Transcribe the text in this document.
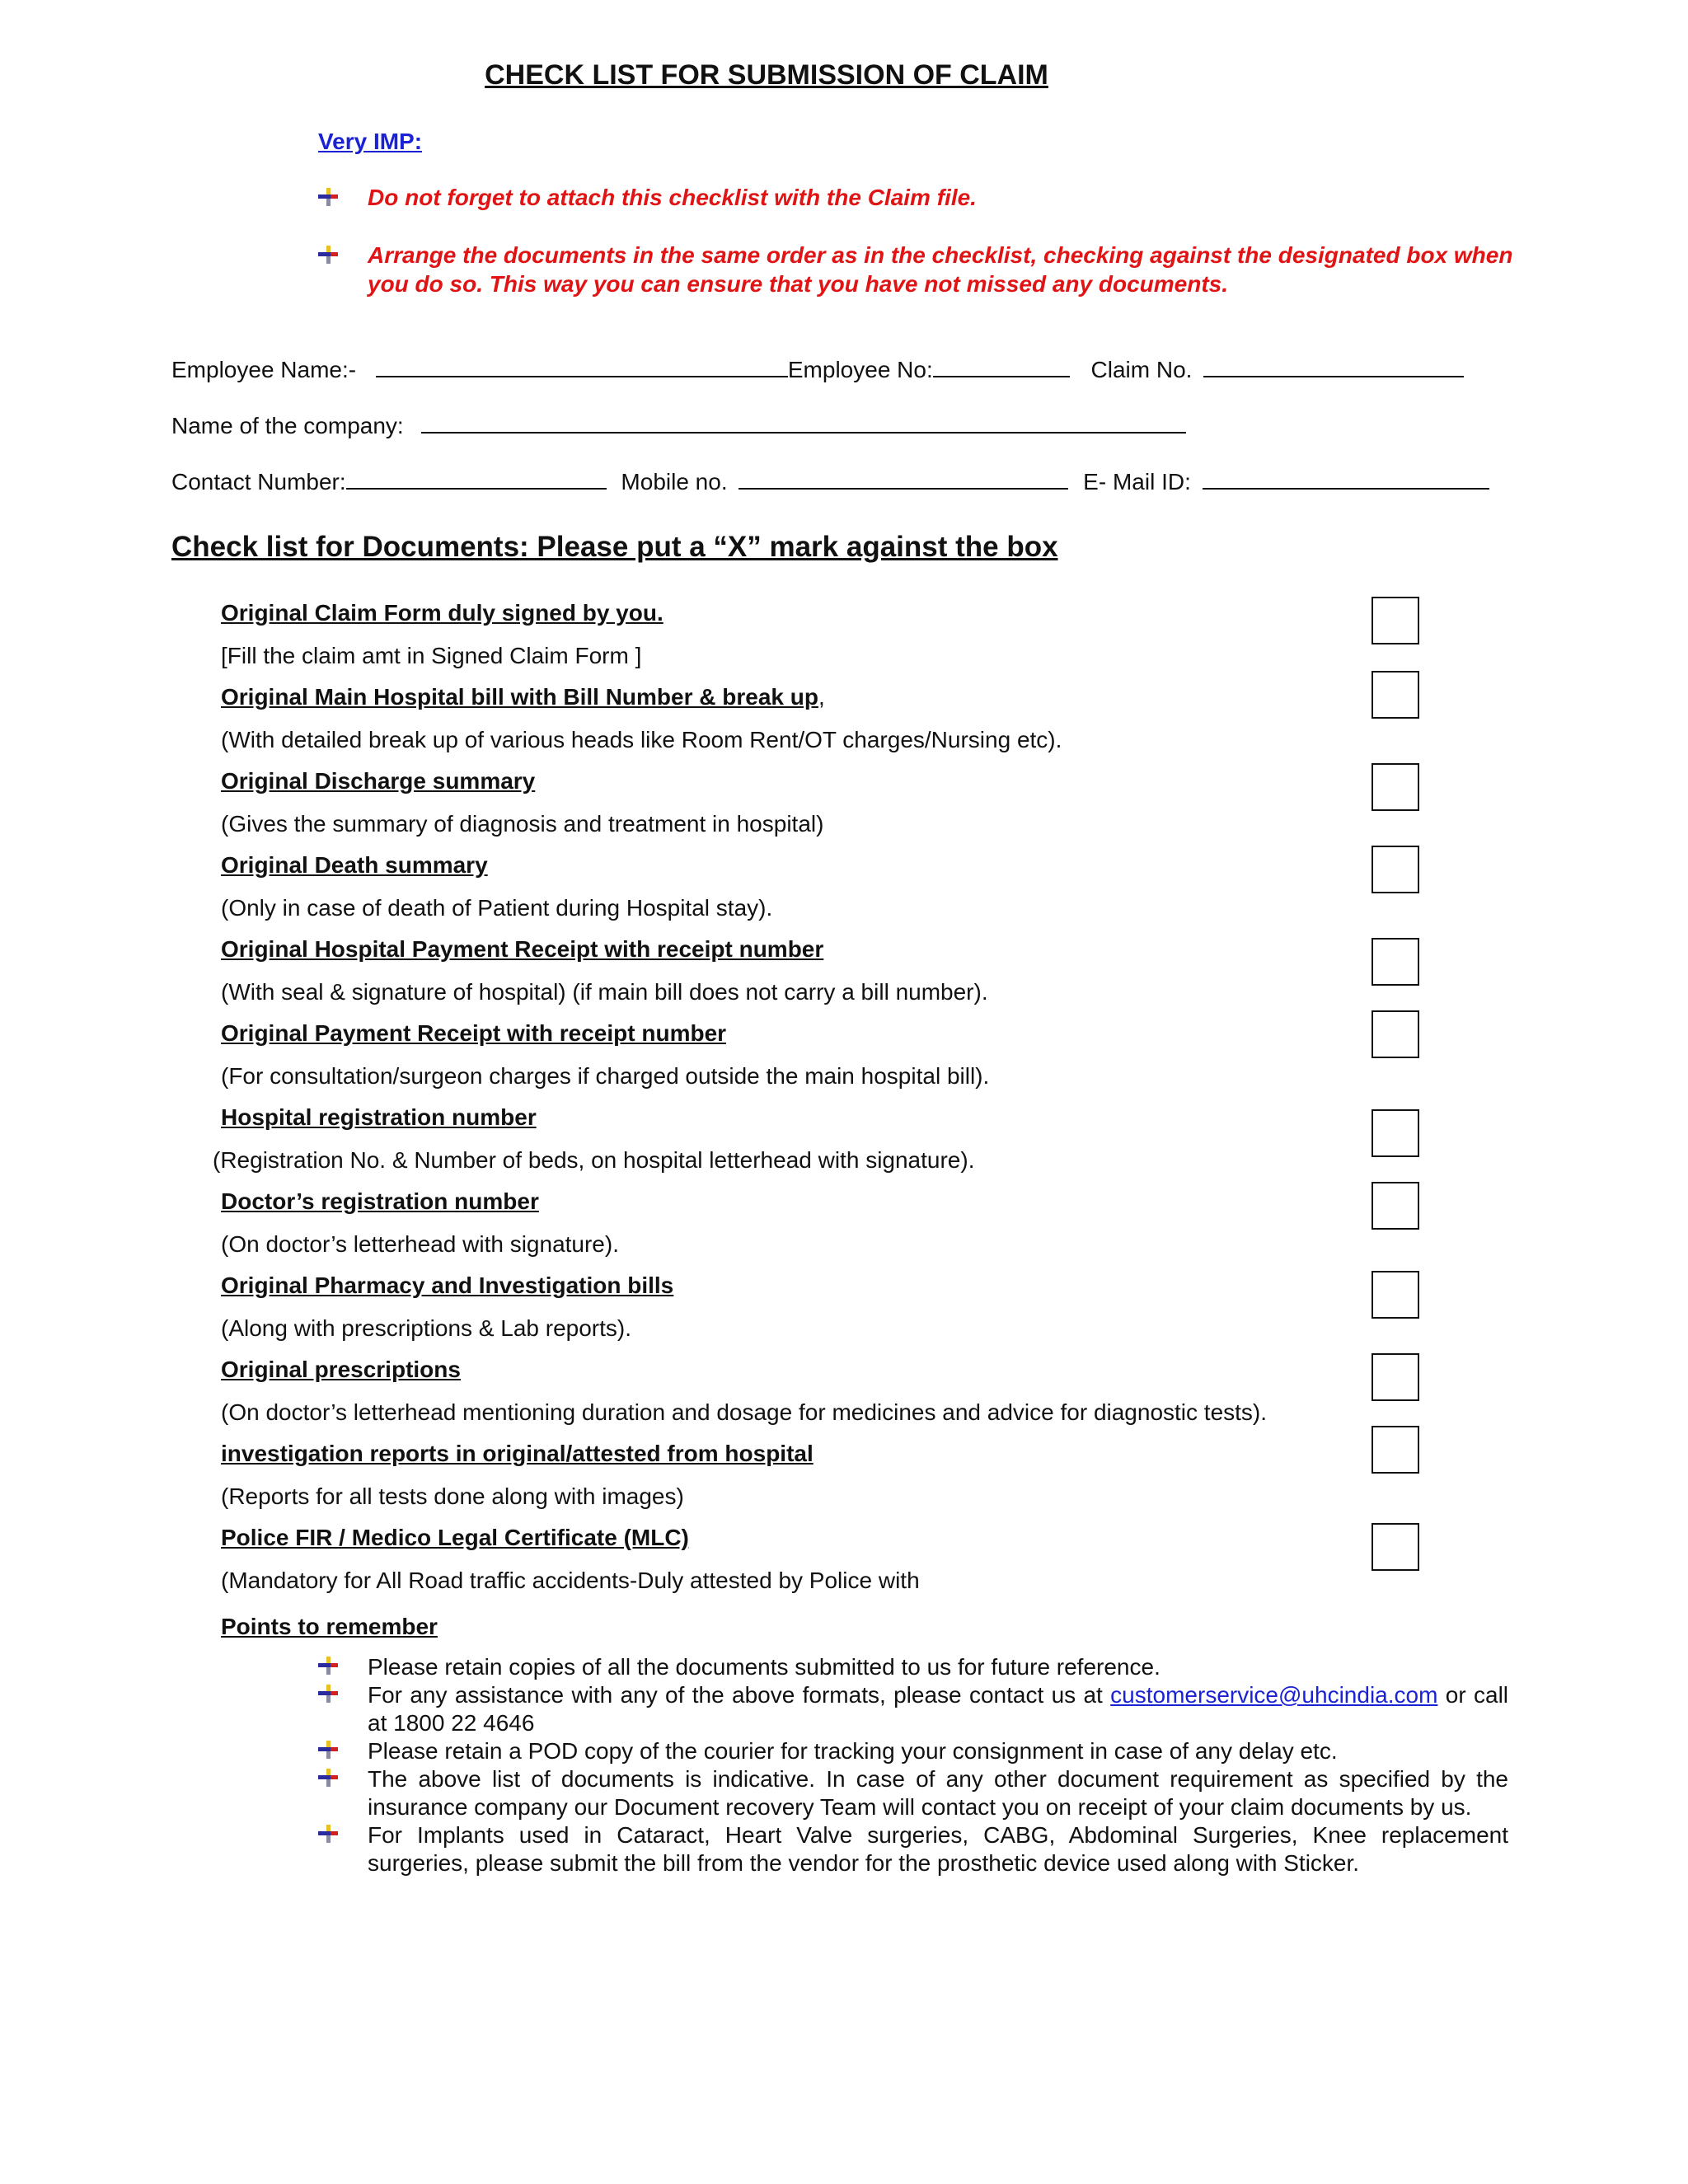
CHECK LIST FOR SUBMISSION OF CLAIM
Very IMP:
Do not forget to attach this checklist with the Claim file.
Arrange the documents in the same order as in the checklist, checking against the designated box when you do so. This way you can ensure that you have not missed any documents.
Employee Name:-	Employee No:	Claim No.
Name of the company:
Contact Number:	Mobile no.	E- Mail ID:
Check list for Documents: Please put a “X” mark against the box
Original Claim Form duly signed by you.
[Fill the claim amt in Signed Claim Form ]
Original Main Hospital bill with Bill Number & break up,
(With detailed break up of various heads like Room Rent/OT charges/Nursing etc).
Original Discharge summary
(Gives the summary of diagnosis and treatment in hospital)
Original Death summary
(Only in case of death of Patient during Hospital stay).
Original Hospital Payment Receipt with receipt number
(With seal & signature of hospital) (if main bill does not carry a bill number).
Original Payment Receipt with receipt number
(For consultation/surgeon charges if charged outside the main hospital bill).
Hospital registration number
(Registration No. & Number of beds, on hospital letterhead with signature).
Doctor’s registration number
(On doctor’s letterhead with signature).
Original Pharmacy and Investigation bills
(Along with prescriptions & Lab reports).
Original prescriptions
(On doctor’s letterhead mentioning duration and dosage for medicines and advice for diagnostic tests).
investigation reports in original/attested from hospital
(Reports for all tests done along with images)
Police FIR / Medico Legal Certificate (MLC)
(Mandatory for All Road traffic accidents-Duly attested by Police with
Points to remember
Please retain copies of all the documents submitted to us for future reference.
For any assistance with any of the above formats, please contact us at customerservice@uhcindia.com or call at 1800 22 4646
Please retain a POD copy of the courier for tracking your consignment in case of any delay etc.
The above list of documents is indicative. In case of any other document requirement as specified by the insurance company our Document recovery Team will contact you on receipt of your claim documents by us.
For Implants used in Cataract, Heart Valve surgeries, CABG, Abdominal Surgeries, Knee replacement surgeries, please submit the bill from the vendor for the prosthetic device used along with Sticker.
